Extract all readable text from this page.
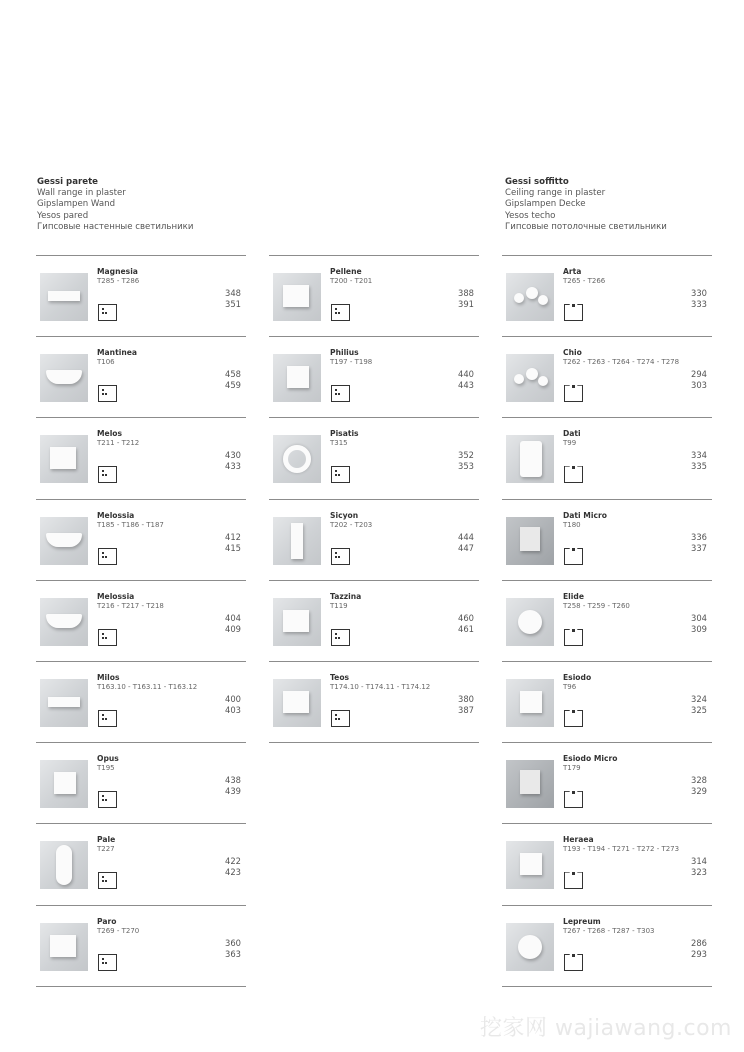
Gessi parete
Wall range in plaster
Gipslampen Wand
Yesos pared
Гипсовые настенные светильники
Gessi soffitto
Ceiling range in plaster
Gipslampen Decke
Yesos techo
Гипсовые потолочные светильники
Magnesia
T285 - T286
348
351
Mantinea
T106
458
459
Melos
T211 - T212
430
433
Melossia
T185 - T186 - T187
412
415
Melossia
T216 - T217 - T218
404
409
Milos
T163.10 - T163.11 - T163.12
400
403
Opus
T195
438
439
Pale
T227
422
423
Paro
T269 - T270
360
363
Pellene
T200 - T201
388
391
Philius
T197 - T198
440
443
Pisatis
T315
352
353
Sicyon
T202 - T203
444
447
Tazzina
T119
460
461
Teos
T174.10 - T174.11 - T174.12
380
387
Arta
T265 - T266
330
333
Chio
T262 - T263 - T264 - T274 - T278
294
303
Dati
T99
334
335
Dati Micro
T180
336
337
Elide
T258 - T259 - T260
304
309
Esiodo
T96
324
325
Esiodo Micro
T179
328
329
Heraea
T193 - T194 - T271 - T272 - T273
314
323
Lepreum
T267 - T268 - T287 - T303
286
293
挖家网 wajiawang.com
